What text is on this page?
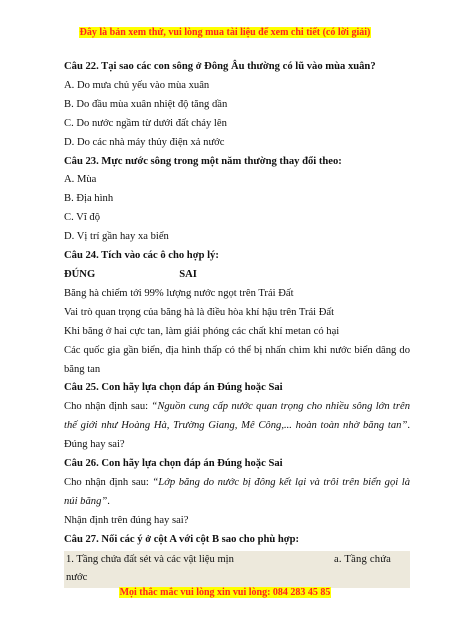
Đây là bản xem thử, vui lòng mua tài liệu để xem chi tiết (có lời giải)
Câu 22. Tại sao các con sông ở Đông Âu thường có lũ vào mùa xuân?
A. Do mưa chủ yếu vào mùa xuân
B. Do đầu mùa xuân nhiệt độ tăng dần
C. Do nước ngầm từ dưới đất chảy lên
D. Do các nhà máy thủy điện xả nước
Câu 23. Mực nước sông trong một năm thường thay đổi theo:
A. Mùa
B. Địa hình
C. Vĩ độ
D. Vị trí gần hay xa biển
Câu 24. Tích vào các ô cho hợp lý:
ĐÚNG	SAI
Băng hà chiếm tới 99% lượng nước ngọt trên Trái Đất
Vai trò quan trọng của băng hà là điều hòa khí hậu trên Trái Đất
Khi băng ở hai cực tan, làm giải phóng các chất khí metan có hại
Các quốc gia gần biển, địa hình thấp có thể bị nhấn chìm khi nước biển dâng do băng tan
Câu 25. Con hãy lựa chọn đáp án Đúng hoặc Sai
Cho nhận định sau: “Nguồn cung cấp nước quan trọng cho nhiều sông lớn trên thế giới như Hoàng Hà, Trường Giang, Mê Công,... hoàn toàn nhờ băng tan”. Đúng hay sai?
Câu 26. Con hãy lựa chọn đáp án Đúng hoặc Sai
Cho nhận định sau: “Lớp băng do nước bị đông kết lại và trôi trên biển gọi là núi băng”.
Nhận định trên đúng hay sai?
Câu 27. Nối các ý ở cột A với cột B sao cho phù hợp:
1. Tầng chứa đất sét và các vật liệu mịn	a. Tầng chứa
nước
Mọi thắc mắc vui lòng xin vui lòng: 084 283 45 85
